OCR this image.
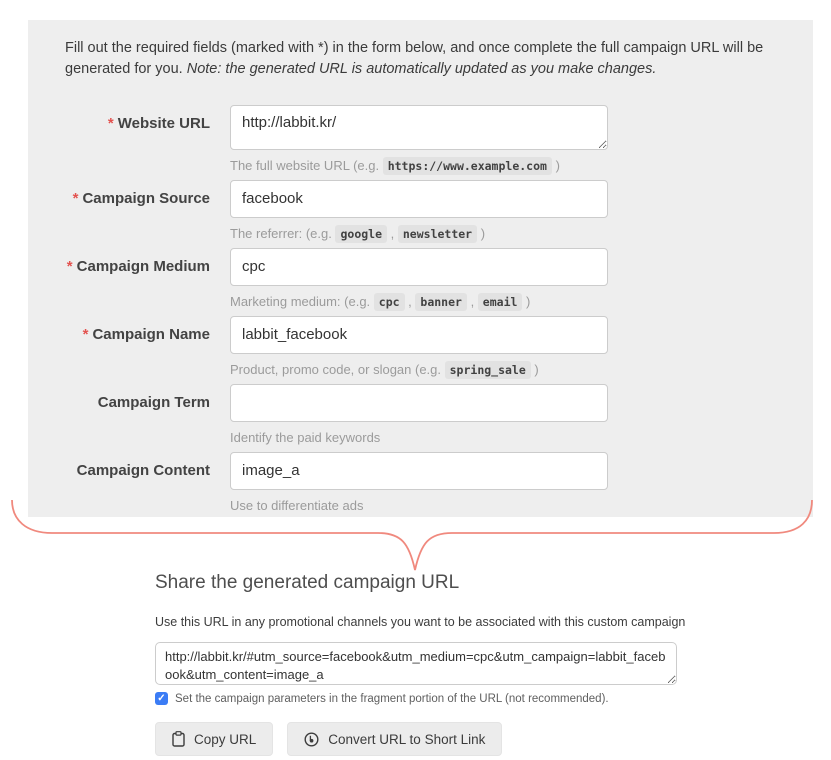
Fill out the required fields (marked with *) in the form below, and once complete the full campaign URL will be generated for you. Note: the generated URL is automatically updated as you make changes.

* Website URL
http://labbit.kr/
The full website URL (e.g. https://www.example.com )
* Campaign Source
facebook
The referrer: (e.g. google , newsletter )
* Campaign Medium
cpc
Marketing medium: (e.g. cpc , banner , email )
* Campaign Name
labbit_facebook
Product, promo code, or slogan (e.g. spring_sale )
Campaign Term
Identify the paid keywords
Campaign Content
image_a
Use to differentiate ads
Share the generated campaign URL
Use this URL in any promotional channels you want to be associated with this custom campaign
http://labbit.kr/#utm_source=facebook&utm_medium=cpc&utm_campaign=labbit_facebook&utm_content=image_a
✓ Set the campaign parameters in the fragment portion of the URL (not recommended).
Copy URL	Convert URL to Short Link
